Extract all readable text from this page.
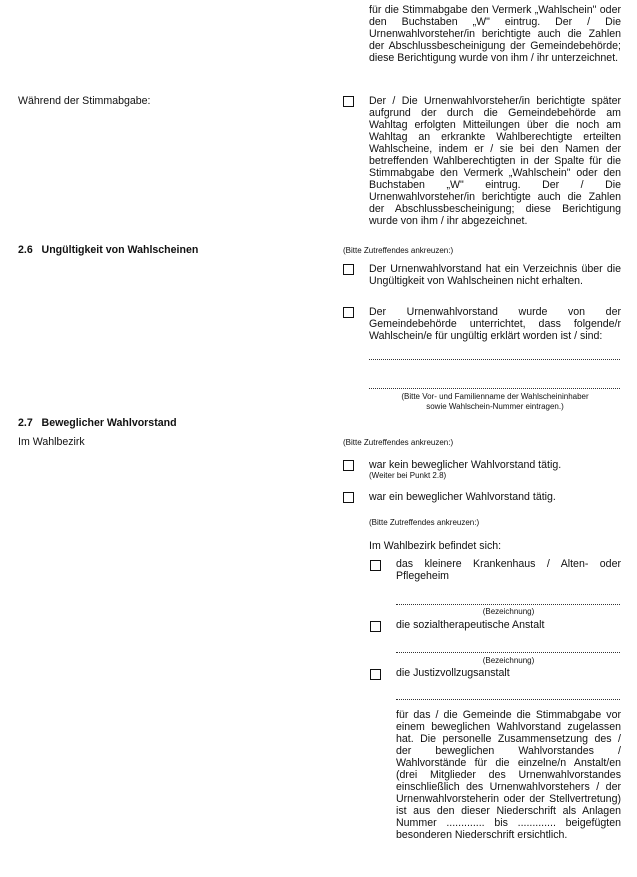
für die Stimmabgabe den Vermerk „Wahlschein" oder den Buchstaben „W" eintrug. Der / Die Urnenwahlvorsteher/in berichtigte auch die Zahlen der Abschlussbescheinigung der Gemeindebehörde; diese Berichtigung wurde von ihm / ihr unterzeichnet.
Während der Stimmabgabe:	Der / Die Urnenwahlvorsteher/in berichtigte später aufgrund der durch die Gemeindebehörde am Wahltag erfolgten Mitteilungen über die noch am Wahltag an erkrankte Wahlberechtigte erteilten Wahlscheine, indem er / sie bei den Namen der betreffenden Wahlberechtigten in der Spalte für die Stimmabgabe den Vermerk „Wahlschein" oder den Buchstaben „W" eintrug. Der / Die Urnenwahlvorsteher/in berichtigte auch die Zahlen der Abschlussbescheinigung; diese Berichtigung wurde von ihm / ihr abgezeichnet.
2.6   Ungültigkeit von Wahlscheinen	(Bitte Zutreffendes ankreuzen:)
Der Urnenwahlvorstand hat ein Verzeichnis über die Ungültigkeit von Wahlscheinen nicht erhalten.
Der Urnenwahlvorstand wurde von der Gemeindebehörde unterrichtet, dass folgende/r Wahlschein/e für ungültig erklärt worden ist / sind:
(Bitte Vor- und Familienname der Wahlscheininhaber
sowie Wahlschein-Nummer eintragen.)
2.7   Beweglicher Wahlvorstand
Im Wahlbezirk	(Bitte Zutreffendes ankreuzen:)
war kein beweglicher Wahlvorstand tätig.
(Weiter bei Punkt 2.8)
war ein beweglicher Wahlvorstand tätig.
(Bitte Zutreffendes ankreuzen:)
Im Wahlbezirk befindet sich:
das kleinere Krankenhaus / Alten- oder Pflegeheim
(Bezeichnung)
die sozialtherapeutische Anstalt
(Bezeichnung)
die Justizvollzugsanstalt
für das / die Gemeinde die Stimmabgabe vor einem beweglichen Wahlvorstand zugelassen hat. Die personelle Zusammensetzung des / der beweglichen Wahlvorstandes / Wahlvorstände für die einzelne/n Anstalt/en (drei Mitglieder des Urnenwahlvorstandes einschließlich des Urnenwahlvorstehers / der Urnenwahlvorsteherin oder der Stellvertretung) ist aus den dieser Niederschrift als Anlagen Nummer ............. bis ............. beigefügten besonderen Niederschrift ersichtlich.
